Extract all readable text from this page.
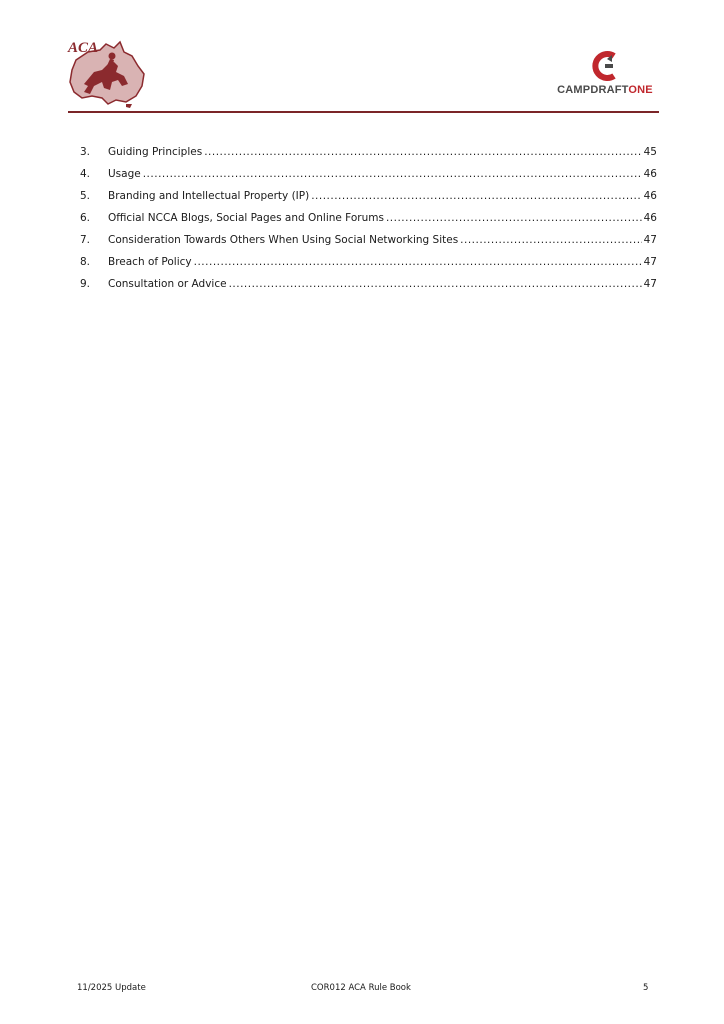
ACA
CAMPDRAFTONE
3.	Guiding Principles .....	45
4.	Usage .....	46
5.	Branding and Intellectual Property (IP) .....	46
6.	Official NCCA Blogs, Social Pages and Online Forums .....	46
7.	Consideration Towards Others When Using Social Networking Sites .....	47
8.	Breach of Policy .....	47
9.	Consultation or Advice .....	47
11/2025 Update	COR012 ACA Rule Book	5
